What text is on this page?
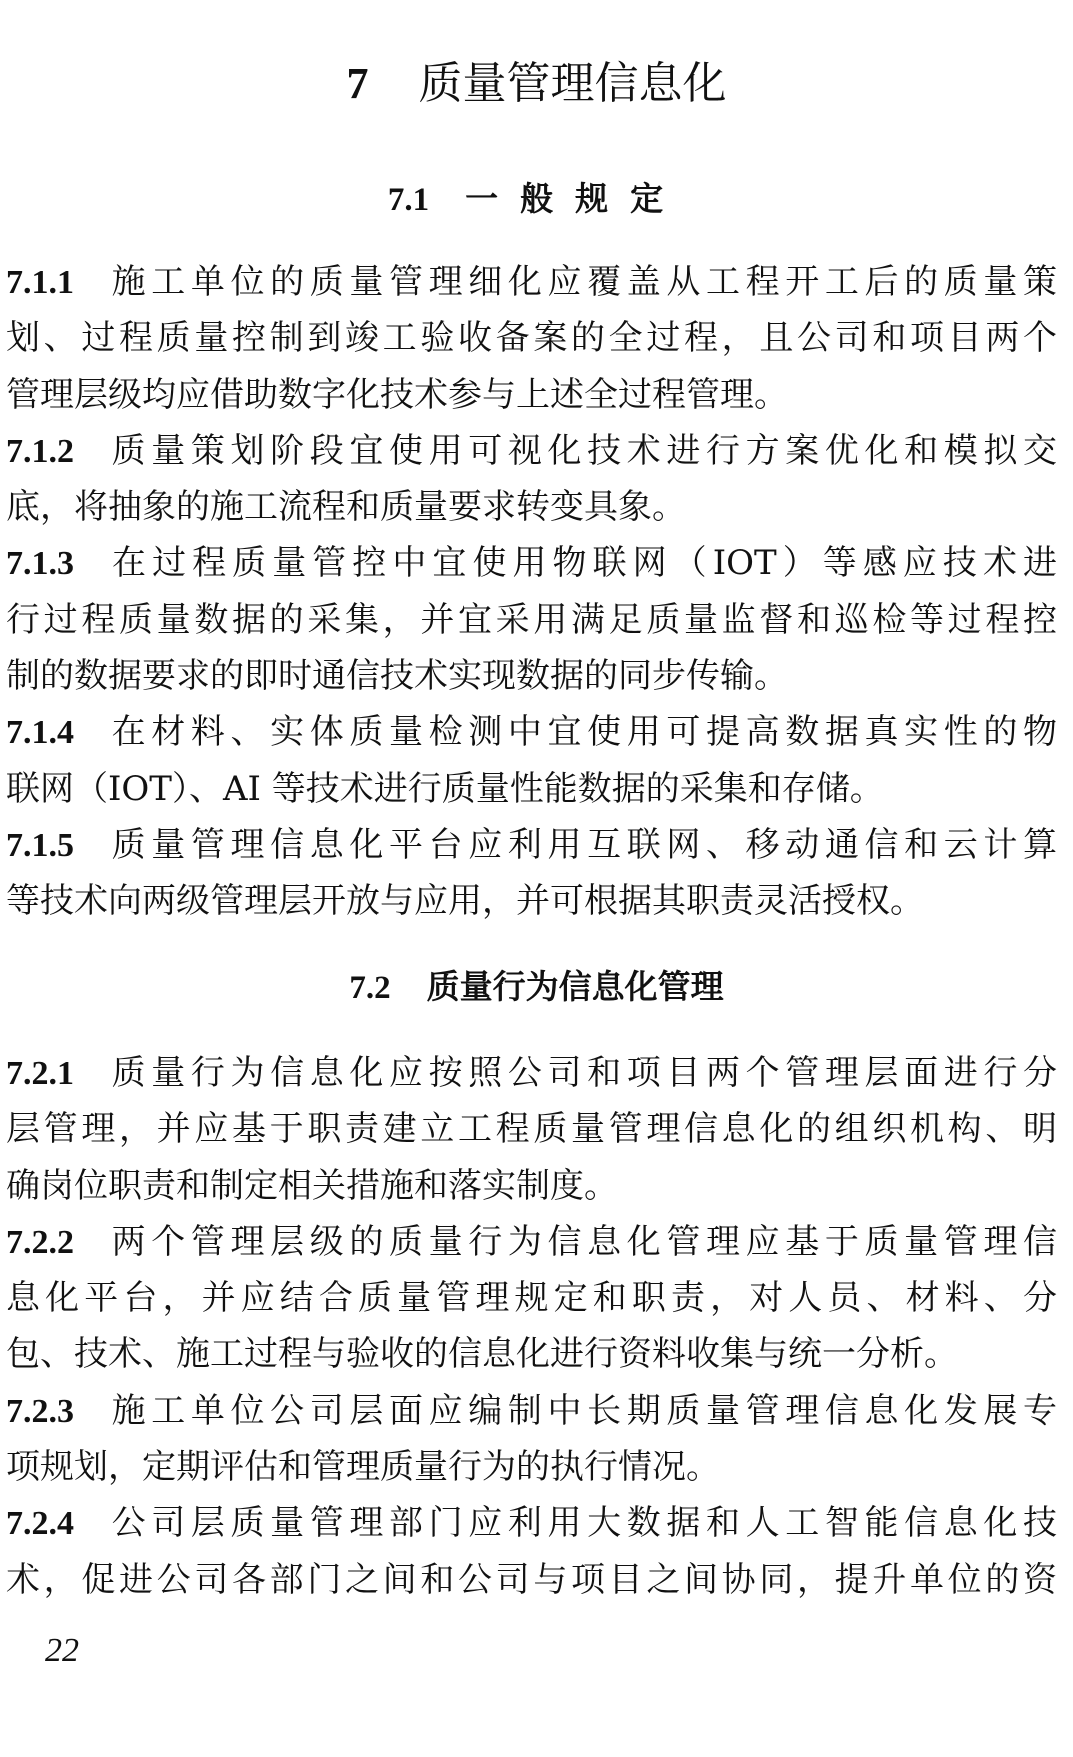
7 质量管理信息化
7.1 一般规定
7.1.1 施工单位的质量管理细化应覆盖从工程开工后的质量策
划、过程质量控制到竣工验收备案的全过程，且公司和项目两个
管理层级均应借助数字化技术参与上述全过程管理。
7.1.2 质量策划阶段宜使用可视化技术进行方案优化和模拟交
底，将抽象的施工流程和质量要求转变具象。
7.1.3 在过程质量管控中宜使用物联网（IOT）等感应技术进
行过程质量数据的采集，并宜采用满足质量监督和巡检等过程控
制的数据要求的即时通信技术实现数据的同步传输。
7.1.4 在材料、实体质量检测中宜使用可提高数据真实性的物
联网（IOT）、AI 等技术进行质量性能数据的采集和存储。
7.1.5 质量管理信息化平台应利用互联网、移动通信和云计算
等技术向两级管理层开放与应用，并可根据其职责灵活授权。
7.2 质量行为信息化管理
7.2.1 质量行为信息化应按照公司和项目两个管理层面进行分
层管理，并应基于职责建立工程质量管理信息化的组织机构、明
确岗位职责和制定相关措施和落实制度。
7.2.2 两个管理层级的质量行为信息化管理应基于质量管理信
息化平台，并应结合质量管理规定和职责，对人员、材料、分
包、技术、施工过程与验收的信息化进行资料收集与统一分析。
7.2.3 施工单位公司层面应编制中长期质量管理信息化发展专
项规划，定期评估和管理质量行为的执行情况。
7.2.4 公司层质量管理部门应利用大数据和人工智能信息化技
术，促进公司各部门之间和公司与项目之间协同，提升单位的资
22
